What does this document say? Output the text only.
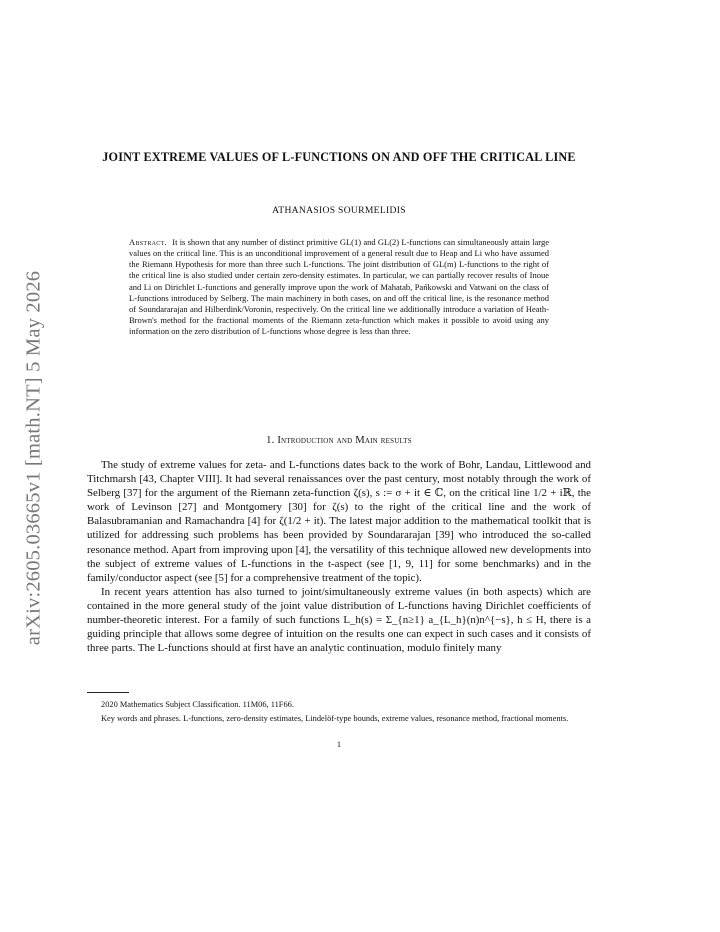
arXiv:2605.03665v1 [math.NT] 5 May 2026
JOINT EXTREME VALUES OF L-FUNCTIONS ON AND OFF THE CRITICAL LINE
ATHANASIOS SOURMELIDIS
Abstract. It is shown that any number of distinct primitive GL(1) and GL(2) L-functions can simultaneously attain large values on the critical line. This is an unconditional improvement of a general result due to Heap and Li who have assumed the Riemann Hypothesis for more than three such L-functions. The joint distribution of GL(m) L-functions to the right of the critical line is also studied under certain zero-density estimates. In particular, we can partially recover results of Inoue and Li on Dirichlet L-functions and generally improve upon the work of Mahatab, Pańkowski and Vatwani on the class of L-functions introduced by Selberg. The main machinery in both cases, on and off the critical line, is the resonance method of Soundararajan and Hilberdink/Voronin, respectively. On the critical line we additionally introduce a variation of Heath-Brown's method for the fractional moments of the Riemann zeta-function which makes it possible to avoid using any information on the zero distribution of L-functions whose degree is less than three.
1. Introduction and Main results

The study of extreme values for zeta- and L-functions dates back to the work of Bohr, Landau, Littlewood and Titchmarsh [43, Chapter VIII]. It had several renaissances over the past century, most notably through the work of Selberg [37] for the argument of the Riemann zeta-function ζ(s), s := σ + it ∈ ℂ, on the critical line 1/2 + iℝ, the work of Levinson [27] and Montgomery [30] for ζ(s) to the right of the critical line and the work of Balasubramanian and Ramachandra [4] for ζ(1/2 + it). The latest major addition to the mathematical toolkit that is utilized for addressing such problems has been provided by Soundararajan [39] who introduced the so-called resonance method. Apart from improving upon [4], the versatility of this technique allowed new developments into the subject of extreme values of L-functions in the t-aspect (see [1, 9, 11] for some benchmarks) and in the family/conductor aspect (see [5] for a comprehensive treatment of the topic).

In recent years attention has also turned to joint/simultaneously extreme values (in both aspects) which are contained in the more general study of the joint value distribution of L-functions having Dirichlet coefficients of number-theoretic interest. For a family of such functions L_h(s) = Σ_{n≥1} a_{L_h}(n)n^{−s}, h ≤ H, there is a guiding principle that allows some degree of intuition on the results one can expect in such cases and it consists of three parts. The L-functions should at first have an analytic continuation, modulo finitely many

2020 Mathematics Subject Classification. 11M06, 11F66.
Key words and phrases. L-functions, zero-density estimates, Lindelöf-type bounds, extreme values, resonance method, fractional moments.
1
